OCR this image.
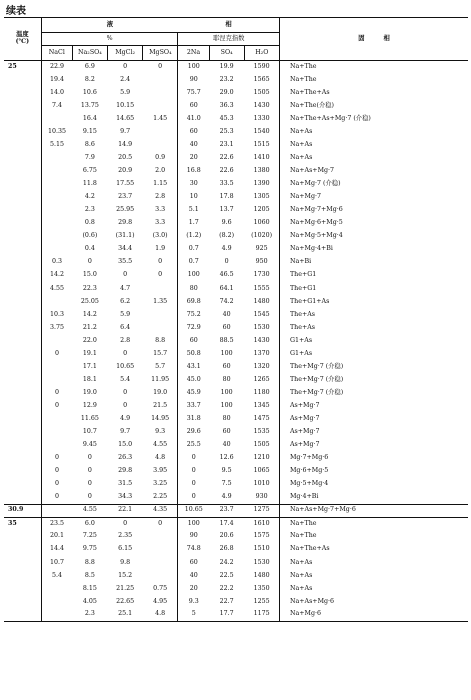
续表
温度
(℃)	液				相			固　　　相
	%				耶涅克指数			
	NaCl	Na₂SO₄	MgCl₂	MgSO₄	2Na	SO₄	H₂O	
25	22.9	6.9	0	0	100	19.9	1590	Na+The
	19.4	8.2	2.4		90	23.2	1565	Na+The
	14.0	10.6	5.9		75.7	29.0	1505	Na+The+As
	7.4	13.75	10.15		60	36.3	1430	Na+The(介稳)
		16.4	14.65	1.45	41.0	45.3	1330	Na+The+As+Mg·7 (介稳)
	10.35	9.15	9.7		60	25.3	1540	Na+As
	5.15	8.6	14.9		40	23.1	1515	Na+As
		7.9	20.5	0.9	20	22.6	1410	Na+As
		6.75	20.9	2.0	16.8	22.6	1380	Na+As+Mg·7
		11.8	17.55	1.15	30	33.5	1390	Na+Mg·7 (介稳)
		4.2	23.7	2.8	10	17.8	1305	Na+Mg·7
		2.3	25.95	3.3	5.1	13.7	1205	Na+Mg·7+Mg·6
		0.8	29.8	3.3	1.7	9.6	1060	Na+Mg·6+Mg·5
		(0.6)	(31.1)	(3.0)	(1.2)	(8.2)	(1020)	Na+Mg·5+Mg·4
		0.4	34.4	1.9	0.7	4.9	925	Na+Mg·4+Bi
	0.3	0	35.5	0	0.7	0	950	Na+Bi
	14.2	15.0	0	0	100	46.5	1730	The+G1
	4.55	22.3	4.7		80	64.1	1555	The+G1
		25.05	6.2	1.35	69.8	74.2	1480	The+G1+As
	10.3	14.2	5.9		75.2	40	1545	The+As
	3.75	21.2	6.4		72.9	60	1530	The+As
		22.0	2.8	8.8	60	88.5	1430	G1+As
	0	19.1	0	15.7	50.8	100	1370	G1+As
		17.1	10.65	5.7	43.1	60	1320	The+Mg·7 (介稳)
		18.1	5.4	11.95	45.0	80	1265	The+Mg·7 (介稳)
	0	19.0	0	19.0	45.9	100	1180	The+Mg·7 (介稳)
	0	12.9	0	21.5	33.7	100	1345	As+Mg·7
		11.65	4.9	14.95	31.8	80	1475	As+Mg·7
		10.7	9.7	9.3	29.6	60	1535	As+Mg·7
		9.45	15.0	4.55	25.5	40	1505	As+Mg·7
	0	0	26.3	4.8	0	12.6	1210	Mg·7+Mg·6
	0	0	29.8	3.95	0	9.5	1065	Mg·6+Mg·5
	0	0	31.5	3.25	0	7.5	1010	Mg·5+Mg·4
	0	0	34.3	2.25	0	4.9	930	Mg·4+Bi
30.9		4.55	22.1	4.35	10.65	23.7	1275	Na+As+Mg·7+Mg·6
35	23.5	6.0	0	0	100	17.4	1610	Na+The
	20.1	7.25	2.35		90	20.6	1575	Na+The
	14.4	9.75	6.15		74.8	26.8	1510	Na+The+As
	10.7	8.8	9.8		60	24.2	1530	Na+As
	5.4	8.5	15.2		40	22.5	1480	Na+As
		8.15	21.25	0.75	20	22.2	1350	Na+As
		4.05	22.65	4.95	9.3	22.7	1255	Na+As+Mg·6
		2.3	25.1	4.8	5	17.7	1175	Na+Mg·6
